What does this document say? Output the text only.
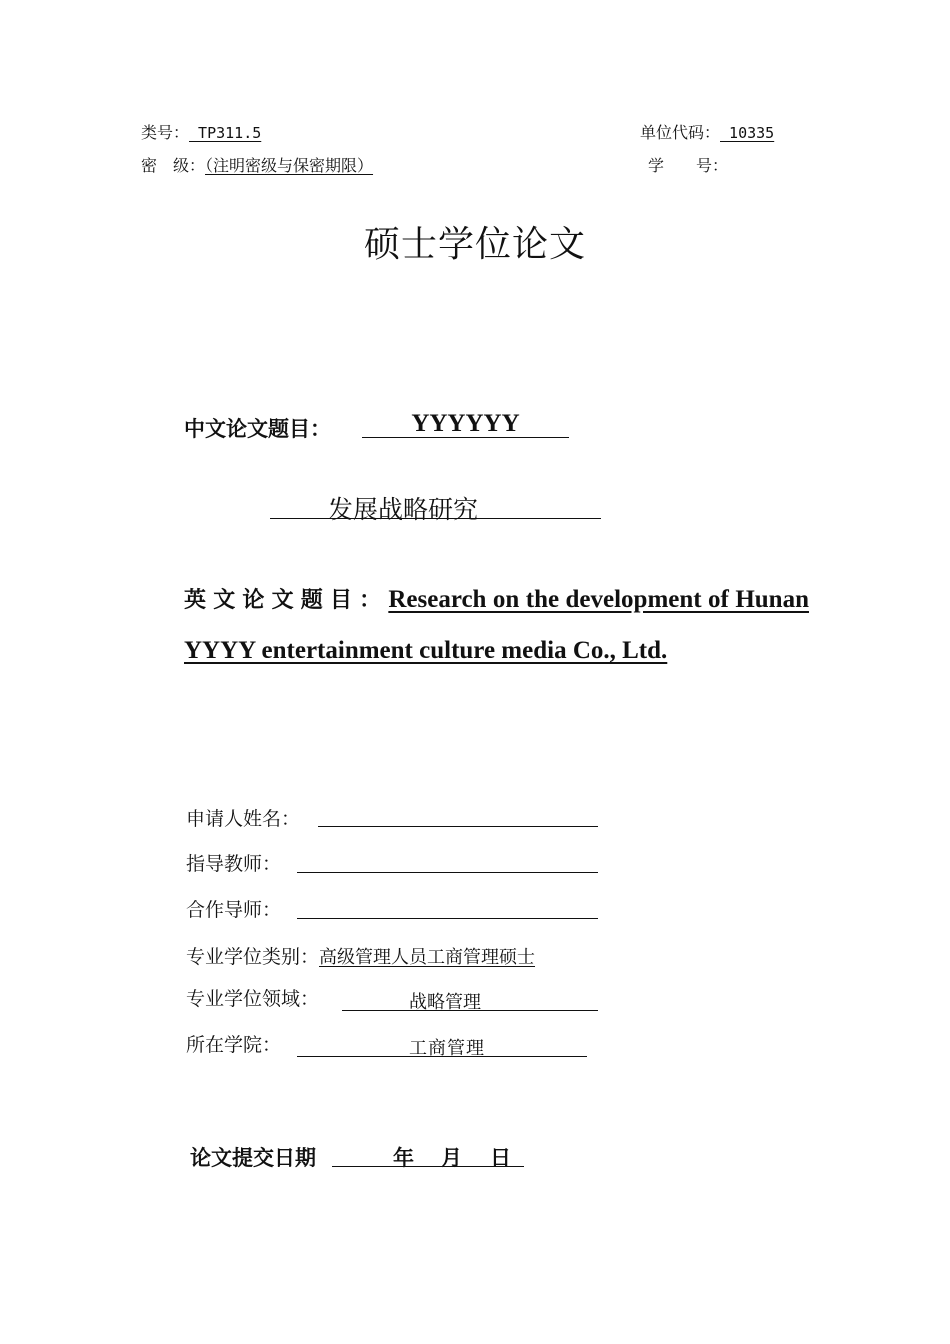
类号： TP311.5
密　级：（注明密级与保密期限）
单位代码： 10335
学　　号：
硕士学位论文
中文论文题目：	YYYYYY
发展战略研究
英文论文题目：Research on the development of Hunan YYYY entertainment culture media Co., Ltd.
申请人姓名：
指导教师：
合作导师：
专业学位类别：高级管理人员工商管理硕士
专业学位领域：	战略管理
所在学院：	工商管理
论文提交日期	年 月 日
